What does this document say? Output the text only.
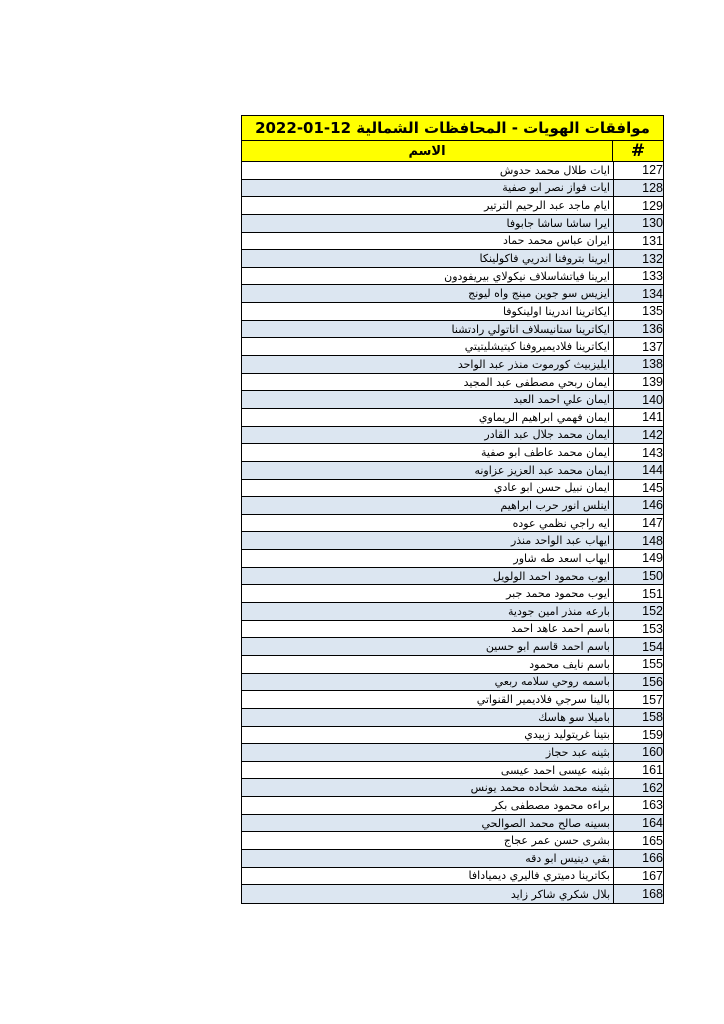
موافقات الهويات - المحافظات الشمالية 12-01-2022
#
الاسم
127
ايات طلال محمد حدوش
128
ايات فواز نصر ابو صفية
129
ايام ماجد عبد الرحيم الترتير
130
ايرا ساشا ساشا جابوفا
131
ايران عباس محمد حماد
132
ايرينا بتروفنا اندريي فاكولينكا
133
ايرينا فياتشاسلاف نيكولاي بيريفودون
134
ايزيس سو جوين مينج واه ليونج
135
ايكاترينا اندرينا اولينكوفا
136
ايكاترينا ستانيسلاف اناتولي رادتشنا
137
ايكاترينا فلاديميروفنا كيتيشليتيتي
138
ايليزبيث كورموت منذر عبد الواحد
139
ايمان ربحي مصطفى عبد المجيد
140
ايمان علي احمد العبد
141
ايمان فهمي ابراهيم الريماوي
142
ايمان محمد جلال عبد القادر
143
ايمان محمد عاطف ابو صفية
144
ايمان محمد عبد العزيز عزاونه
145
ايمان نبيل حسن ابو عادي
146
اينلس انور حرب ابراهيم
147
ايه راجي نظمي عوده
148
ايهاب عبد الواحد منذر
149
ايهاب اسعد طه شاور
150
ايوب محمود احمد الولويل
151
ايوب محمود محمد جبر
152
بارعه منذر امين جودية
153
باسم احمد عاهد احمد
154
باسم احمد قاسم ابو حسين
155
باسم نايف محمود
156
باسمه روحي سلامه ربعي
157
بالينا سرجي فلاديمير القنواتي
158
باميلا سو هاسك
159
بتينا غريتوليد زبيدي
160
بثينه عبد حجاز
161
بثينه عيسى احمد عيسى
162
بثينه محمد شحاده محمد يونس
163
براءه محمود مصطفى بكر
164
بسينه صالح محمد الصوالحي
165
بشرى حسن عمر عجاج
166
بقي دينيس ابو دقه
167
بكاترينا دميتري فاليري ديميادافا
168
بلال شكري شاكر زايد
